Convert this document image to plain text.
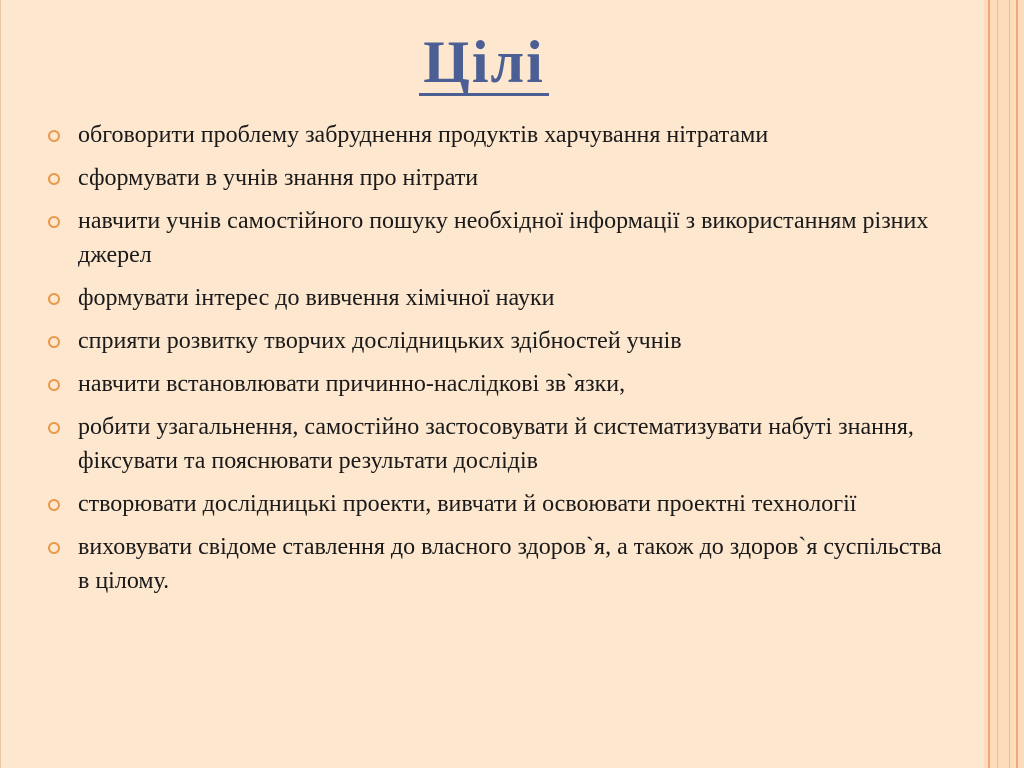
Цілі
обговорити проблему забруднення продуктів харчування нітратами
сформувати в учнів знання про нітрати
навчити учнів самостійного пошуку необхідної інформації з використанням різних джерел
формувати інтерес до вивчення хімічної науки
сприяти розвитку творчих дослідницьких здібностей учнів
навчити встановлювати причинно-наслідкові зв`язки,
робити узагальнення, самостійно застосовувати й систематизувати набуті знання, фіксувати та пояснювати результати дослідів
створювати дослідницькі проекти, вивчати й освоювати проектні технології
виховувати свідоме ставлення до власного здоров`я, а також до здоров`я суспільства в цілому.
